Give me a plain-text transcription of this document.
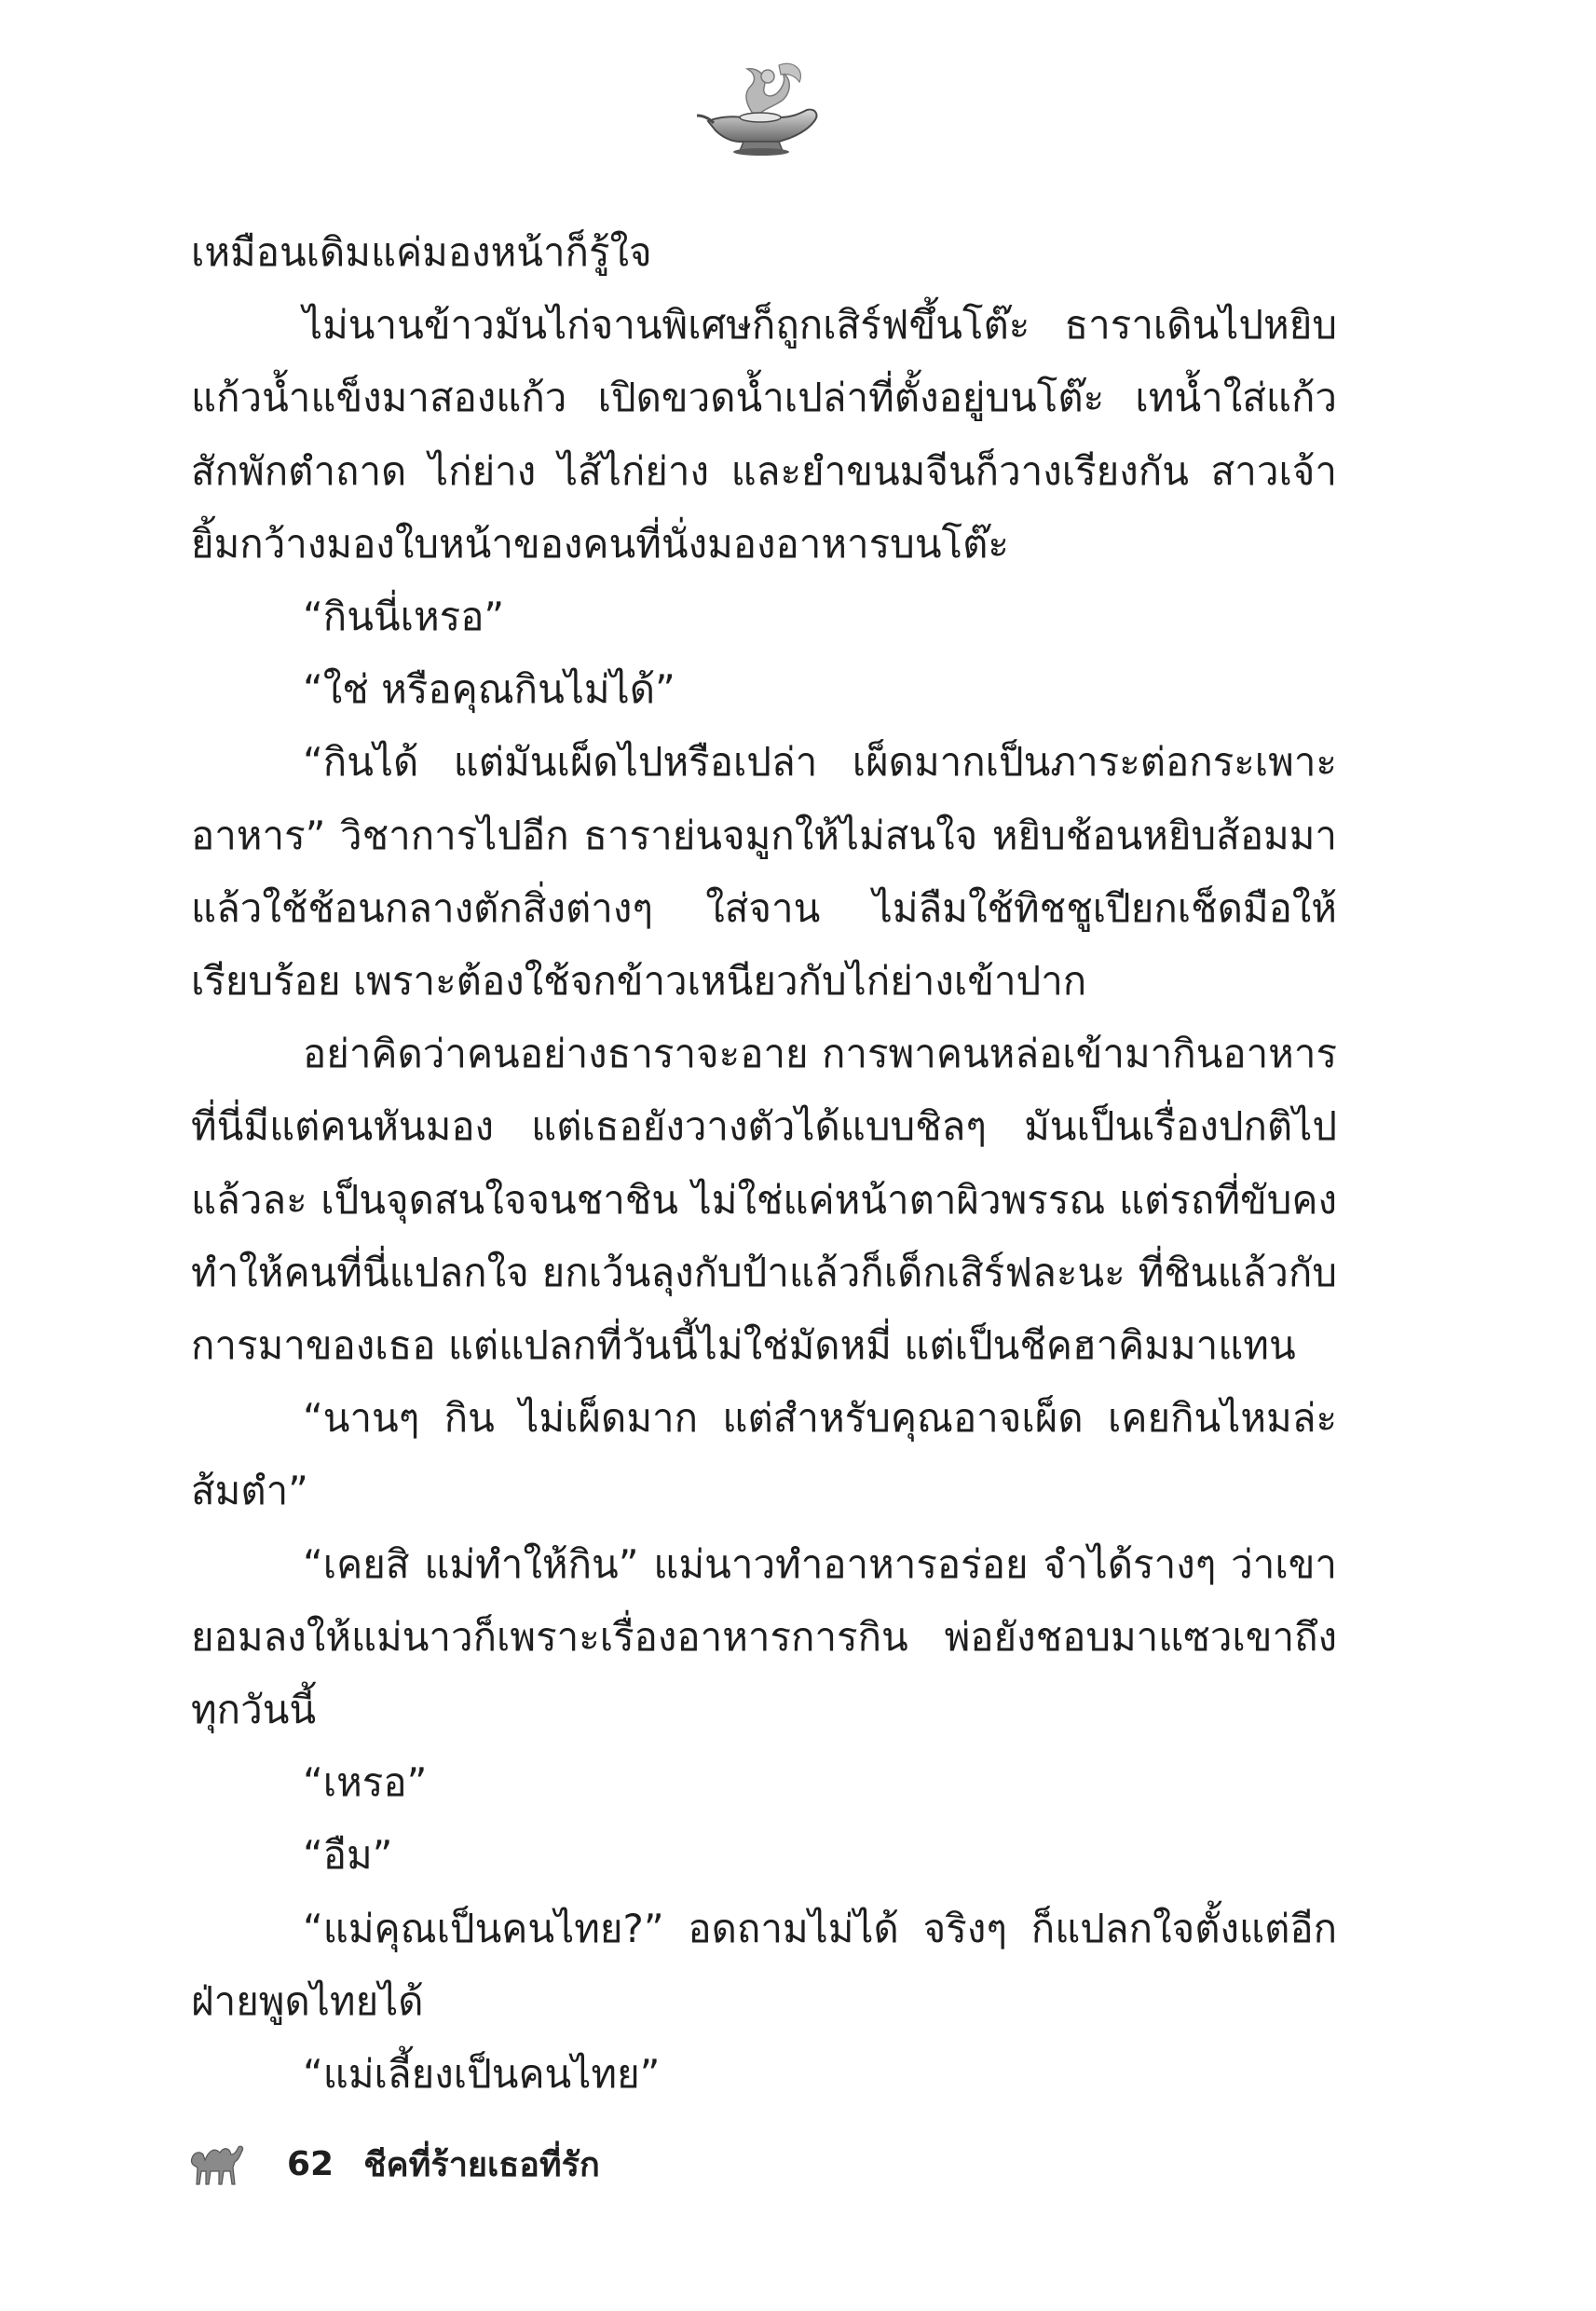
เหมือนเดิมแค่มองหน้าก็รู้ใจ

ไม่นานข้าวมันไก่จานพิเศษก็ถูกเสิร์ฟขึ้นโต๊ะ ธาราเดินไปหยิบแก้วน้ำแข็งมาสองแก้ว เปิดขวดน้ำเปล่าที่ตั้งอยู่บนโต๊ะ เทน้ำใส่แก้วสักพักตำถาด ไก่ย่าง ไส้ไก่ย่าง และยำขนมจีนก็วางเรียงกัน สาวเจ้ายิ้มกว้างมองใบหน้าของคนที่นั่งมองอาหารบนโต๊ะ

“กินนี่เหรอ”

“ใช่ หรือคุณกินไม่ได้”

“กินได้ แต่มันเผ็ดไปหรือเปล่า เผ็ดมากเป็นภาระต่อกระเพาะอาหาร” วิชาการไปอีก ธาราย่นจมูกให้ไม่สนใจ หยิบช้อนหยิบส้อมมาแล้วใช้ช้อนกลางตักสิ่งต่างๆ ใส่จาน ไม่ลืมใช้ทิชชูเปียกเช็ดมือให้เรียบร้อย เพราะต้องใช้จกข้าวเหนียวกับไก่ย่างเข้าปาก

อย่าคิดว่าคนอย่างธาราจะอาย การพาคนหล่อเข้ามากินอาหารที่นี่มีแต่คนหันมอง แต่เธอยังวางตัวได้แบบชิลๆ มันเป็นเรื่องปกติไปแล้วละ เป็นจุดสนใจจนชาชิน ไม่ใช่แค่หน้าตาผิวพรรณ แต่รถที่ขับคงทำให้คนที่นี่แปลกใจ ยกเว้นลุงกับป้าแล้วก็เด็กเสิร์ฟละนะ ที่ชินแล้วกับการมาของเธอ แต่แปลกที่วันนี้ไม่ใช่มัดหมี่ แต่เป็นชีคฮาคิมมาแทน

“นานๆ กิน ไม่เผ็ดมาก แต่สำหรับคุณอาจเผ็ด เคยกินไหมล่ะส้มตำ”

“เคยสิ แม่ทำให้กิน” แม่นาวทำอาหารอร่อย จำได้รางๆ ว่าเขายอมลงให้แม่นาวก็เพราะเรื่องอาหารการกิน พ่อยังชอบมาแซวเขาถึงทุกวันนี้

“เหรอ”

“อืม”

“แม่คุณเป็นคนไทย?” อดถามไม่ได้ จริงๆ ก็แปลกใจตั้งแต่อีกฝ่ายพูดไทยได้

“แม่เลี้ยงเป็นคนไทย”

62 ชีคที่ร้ายเธอที่รัก
